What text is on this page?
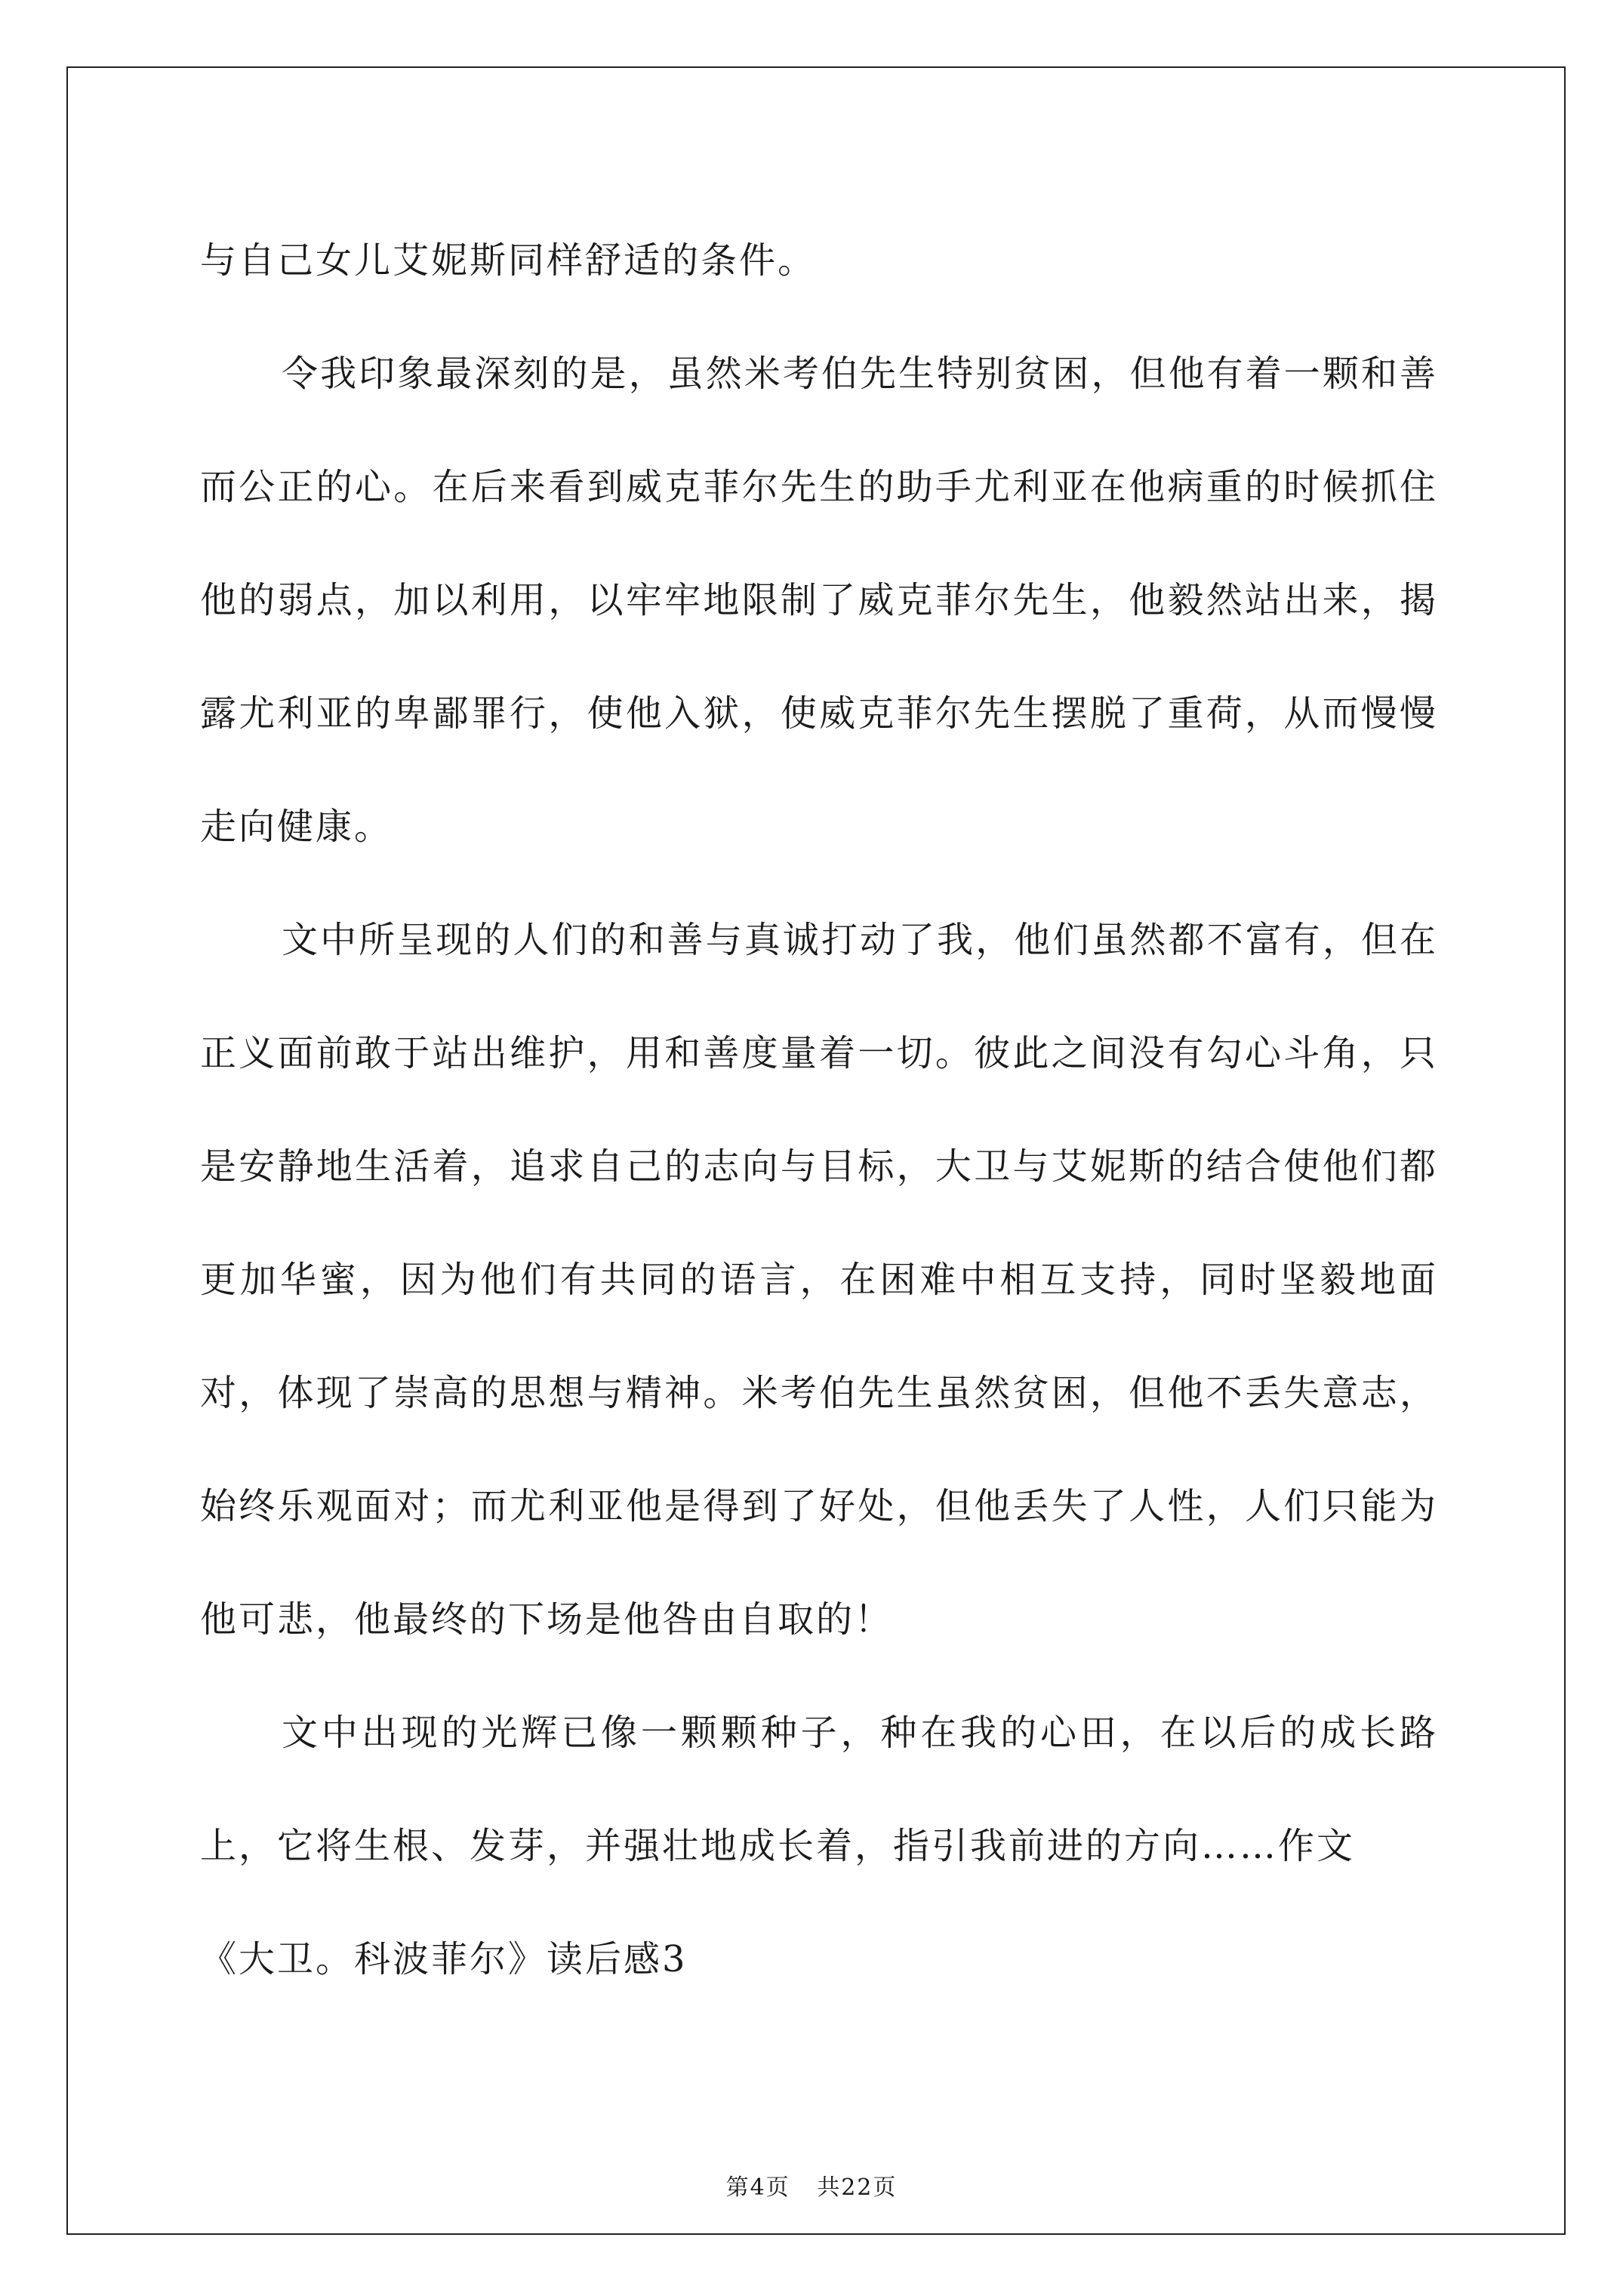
与自己女儿艾妮斯同样舒适的条件。

令我印象最深刻的是，虽然米考伯先生特别贫困，但他有着一颗和善而公正的心。在后来看到威克菲尔先生的助手尤利亚在他病重的时候抓住他的弱点，加以利用，以牢牢地限制了威克菲尔先生，他毅然站出来，揭露尤利亚的卑鄙罪行，使他入狱，使威克菲尔先生摆脱了重荷，从而慢慢走向健康。

文中所呈现的人们的和善与真诚打动了我，他们虽然都不富有，但在正义面前敢于站出维护，用和善度量着一切。彼此之间没有勾心斗角，只是安静地生活着，追求自己的志向与目标，大卫与艾妮斯的结合使他们都更加华蜜，因为他们有共同的语言，在困难中相互支持，同时坚毅地面对，体现了崇高的思想与精神。米考伯先生虽然贫困，但他不丢失意志，始终乐观面对；而尤利亚他是得到了好处，但他丢失了人性，人们只能为他可悲，他最终的下场是他咎由自取的！

文中出现的光辉已像一颗颗种子，种在我的心田，在以后的成长路上，它将生根、发芽，并强壮地成长着，指引我前进的方向……作文

《大卫。科波菲尔》读后感3
第4页 共22页
